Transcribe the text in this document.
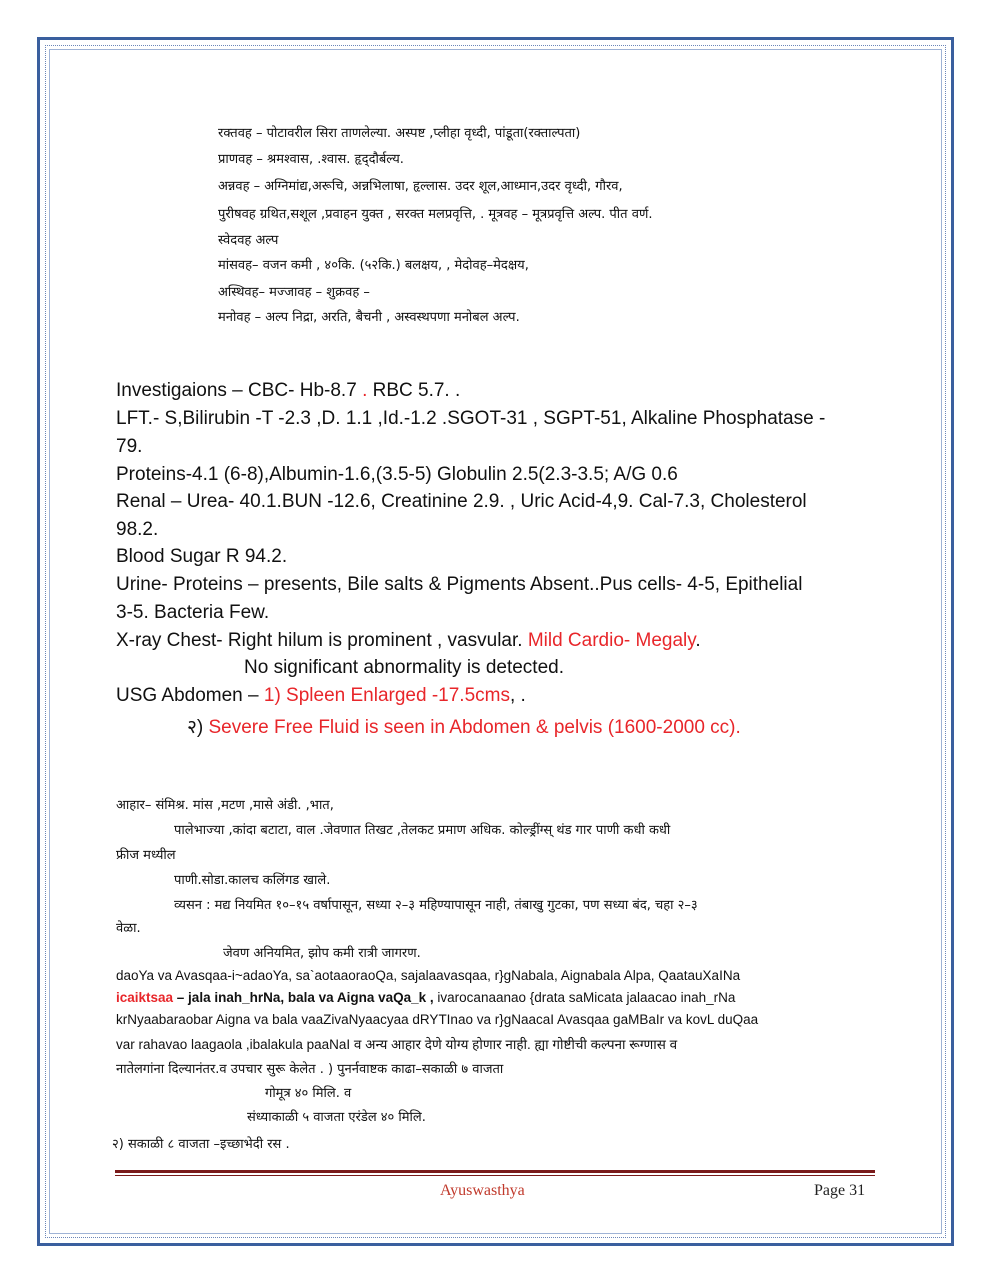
रक्तवह – पोटावरील सिरा ताणलेल्या. अस्पष्ट ,प्लीहा वृध्दी, पांडूता(रक्ताल्पता)
प्राणवह – श्रमश्वास, .श्वास. हृद्‌दौर्बल्य.
अन्नवह – अग्निमांद्य,अरूचि, अन्नभिलाषा, हृल्लास. उदर शूल,आध्मान,उदर वृध्दी, गौरव,
पुरीषवह ग्रथित,सशूल ,प्रवाहन युक्त , सरक्त मलप्रवृत्ति, . मूत्रवह – मूत्रप्रवृत्ति अल्प. पीत वर्ण.
स्वेदवह अल्प
मांसवह– वजन कमी , ४०कि. (५२कि.) बलक्षय, , मेदोवह–मेदक्षय,
अस्थिवह– मज्जावह – शुक्रवह –
मनोवह – अल्प निद्रा, अरति, बैचनी , अस्वस्थपणा मनोबल अल्प.
Investigaions – CBC- Hb-8.7 . RBC 5.7. .
LFT.- S,Bilirubin -T -2.3 ,D. 1.1 ,Id.-1.2 .SGOT-31 , SGPT-51, Alkaline Phosphatase -
79.
Proteins-4.1 (6-8),Albumin-1.6,(3.5-5) Globulin 2.5(2.3-3.5; A/G 0.6
Renal – Urea- 40.1.BUN -12.6, Creatinine 2.9. , Uric Acid-4,9. Cal-7.3, Cholesterol
98.2.
Blood Sugar R 94.2.
Urine- Proteins – presents, Bile salts & Pigments Absent..Pus cells- 4-5, Epithelial
3-5. Bacteria Few.
X-ray Chest- Right hilum is prominent , vasvular. Mild Cardio- Megaly.
No significant abnormality is detected.
USG Abdomen – 1) Spleen Enlarged -17.5cms, .
२) Severe Free Fluid is seen in Abdomen & pelvis (1600-2000 cc).
आहार– संमिश्र. मांस ,मटण ,मासे अंडी. ,भात,
पालेभाज्या ,कांदा बटाटा, वाल .जेवणात तिखट ,तेलकट प्रमाण अधिक. कोल्ड्रींग्स् थंड गार पाणी कधी कधी
फ्रीज मध्यील
पाणी.सोडा.कालच कलिंगड खाले.
व्यसन : मद्य नियमित १०–१५ वर्षापासून, सध्या २–३ महिण्यापासून नाही, तंबाखु गुटका, पण सध्या बंद, चहा २–३
वेळा.
जेवण अनियमित, झोप कमी रात्री जागरण.
daoYa va Avasqaa-i~adaoYa, sa`aotaaoraoQa, sajalaavasqaa, r}gNabala, Aignabala Alpa, QaatauXaINa
icaiktsaa – jala inah_hrNa, bala va Aigna vaQa_k , ivarocanaanao {drata saMicata jalaacao inah_rNa
krNyaabaraobar Aigna va bala vaaZivaNyaacyaa dRYTInao va r}gNaacaI Avasqaa gaMBaIr va kovL duQaa
var rahavao laagaola ,ibalakula paaNaI व अन्य आहार देणे योग्य होणार नाही. ह्या गोष्टीची कल्पना रूग्णास व
नातेलगांना दिल्यानंतर.व उपचार सुरू केलेत . ) पुनर्नवाष्टक काढा–सकाळी ७ वाजता
गोमूत्र ४० मिलि. व
संध्याकाळी ५ वाजता एरंडेल ४० मिलि.
२) सकाळी ८ वाजता –इच्छाभेदी रस .
Ayuswasthya	Page 31
